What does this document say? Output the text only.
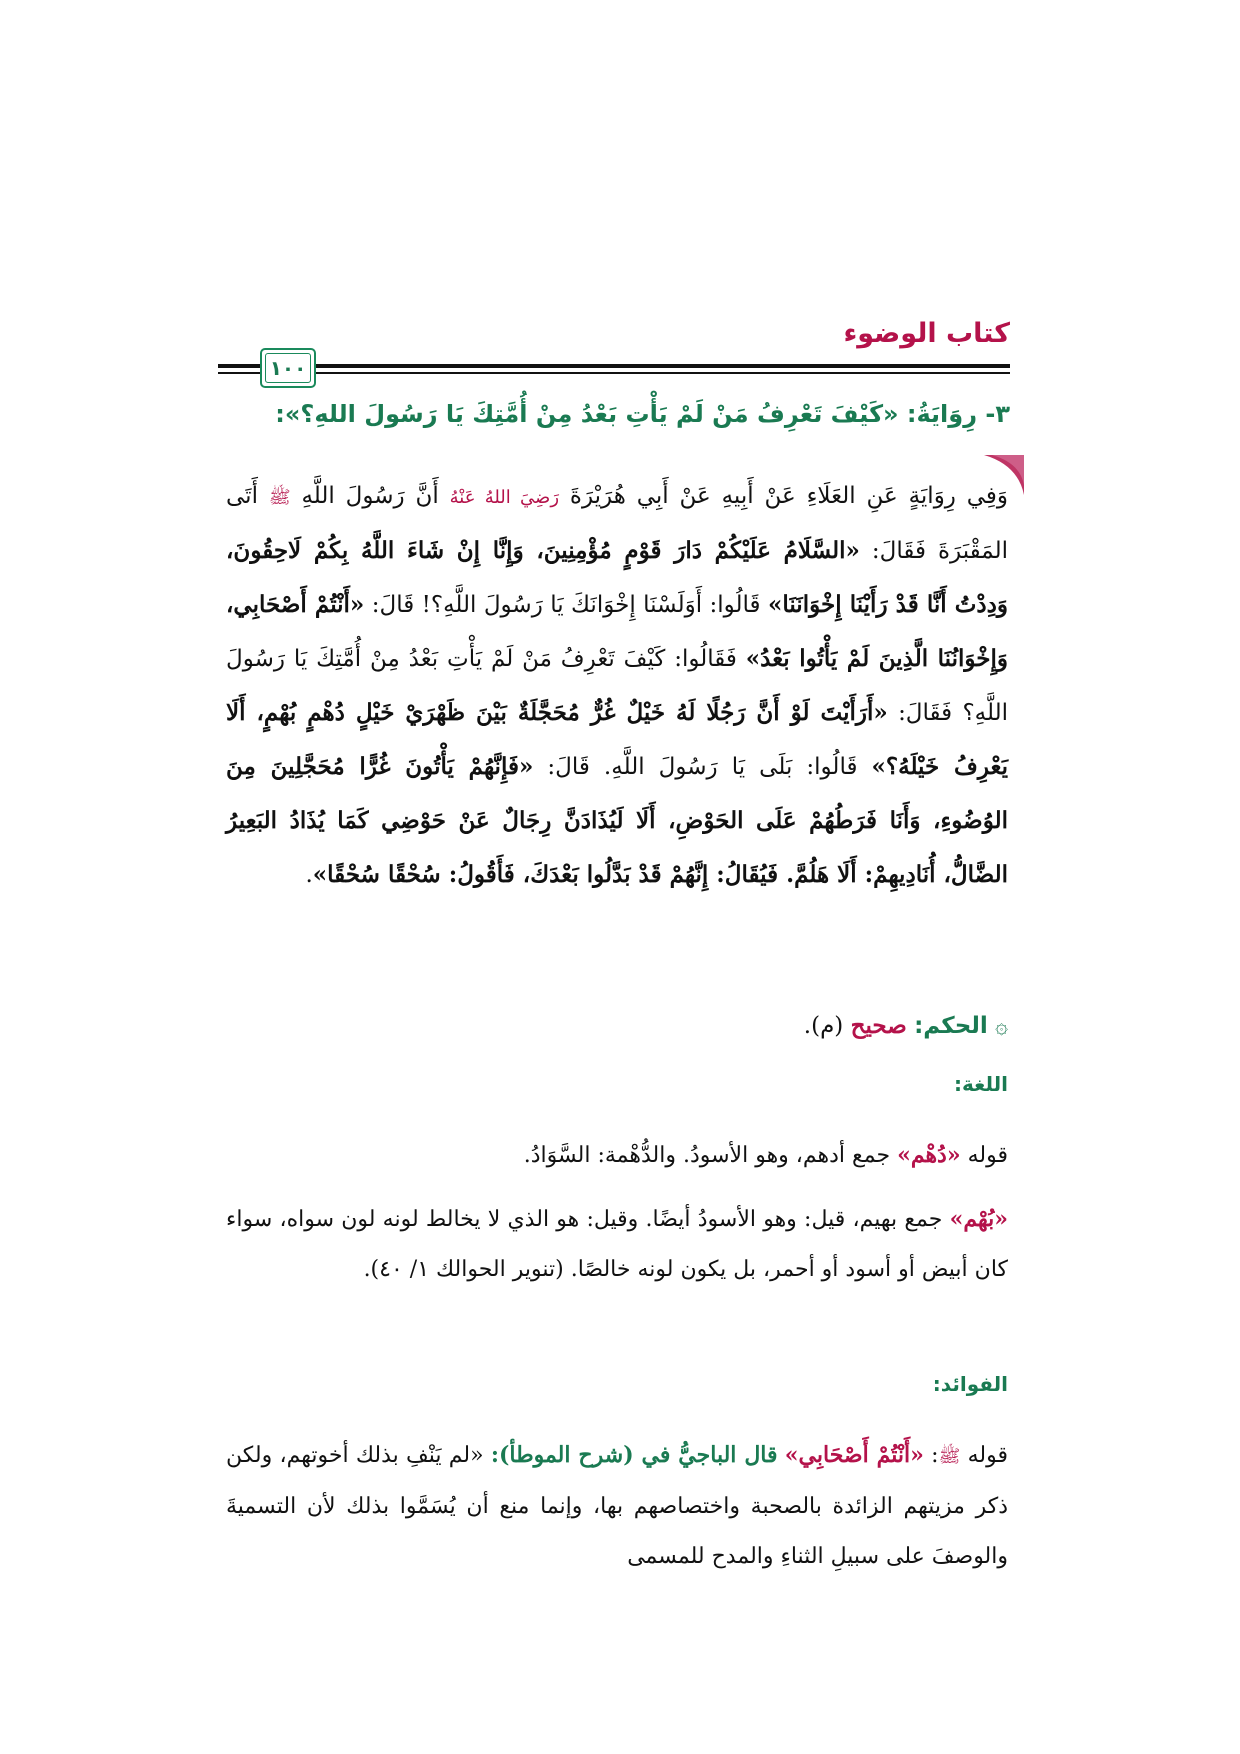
كتاب الوضوء
١٠٠
٣- رِوَايَةُ: «كَيْفَ تَعْرِفُ مَنْ لَمْ يَأْتِ بَعْدُ مِنْ أُمَّتِكَ يَا رَسُولَ اللهِ؟»:
وَفِي رِوَايَةٍ عَنِ العَلَاءِ عَنْ أَبِيهِ عَنْ أَبِي هُرَيْرَةَ رَضِيَ اللهُ عَنْهُ أَنَّ رَسُولَ اللَّهِ ﷺ أَتَى المَقْبَرَةَ فَقَالَ: «السَّلَامُ عَلَيْكُمْ دَارَ قَوْمٍ مُؤْمِنِينَ، وَإِنَّا إِنْ شَاءَ اللَّهُ بِكُمْ لَاحِقُونَ، وَدِدْتُ أَنَّا قَدْ رَأَيْنَا إِخْوَانَنَا» قَالُوا: أَوَلَسْنَا إِخْوَانَكَ يَا رَسُولَ اللَّهِ؟! قَالَ: «أَنْتُمْ أَصْحَابِي، وَإِخْوَانُنَا الَّذِينَ لَمْ يَأْتُوا بَعْدُ» فَقَالُوا: كَيْفَ تَعْرِفُ مَنْ لَمْ يَأْتِ بَعْدُ مِنْ أُمَّتِكَ يَا رَسُولَ اللَّهِ؟ فَقَالَ: «أَرَأَيْتَ لَوْ أَنَّ رَجُلًا لَهُ خَيْلٌ غُرٌّ مُحَجَّلَةٌ بَيْنَ ظَهْرَيْ خَيْلٍ دُهْمٍ بُهْمٍ، أَلَا يَعْرِفُ خَيْلَهُ؟» قَالُوا: بَلَى يَا رَسُولَ اللَّهِ. قَالَ: «فَإِنَّهُمْ يَأْتُونَ غُرًّا مُحَجَّلِينَ مِنَ الوُضُوءِ، وَأَنَا فَرَطُهُمْ عَلَى الحَوْضِ، أَلَا لَيُذَادَنَّ رِجَالٌ عَنْ حَوْضِي كَمَا يُذَادُ البَعِيرُ الضَّالُّ، أُنَادِيهِمْ: أَلَا هَلُمَّ. فَيُقَالُ: إِنَّهُمْ قَدْ بَدَّلُوا بَعْدَكَ، فَأَقُولُ: سُحْقًا سُحْقًا».
۞ الحكم: صحيح (م).
اللغة:
قوله «دُهْم» جمع أدهم، وهو الأسودُ. والدُّهْمة: السَّوَادُ.
«بُهْم» جمع بهيم، قيل: وهو الأسودُ أيضًا. وقيل: هو الذي لا يخالط لونه لون سواه، سواء كان أبيض أو أسود أو أحمر، بل يكون لونه خالصًا. (تنوير الحوالك ١/ ٤٠).
الفوائد:
قوله ﷺ: «أَنْتُمْ أَصْحَابِي» قال الباجيُّ في (شرح الموطأ): «لم يَنْفِ بذلك أخوتهم، ولكن ذكر مزيتهم الزائدة بالصحبة واختصاصهم بها، وإنما منع أن يُسَمَّوا بذلك لأن التسميةَ والوصفَ على سبيلِ الثناءِ والمدح للمسمى
